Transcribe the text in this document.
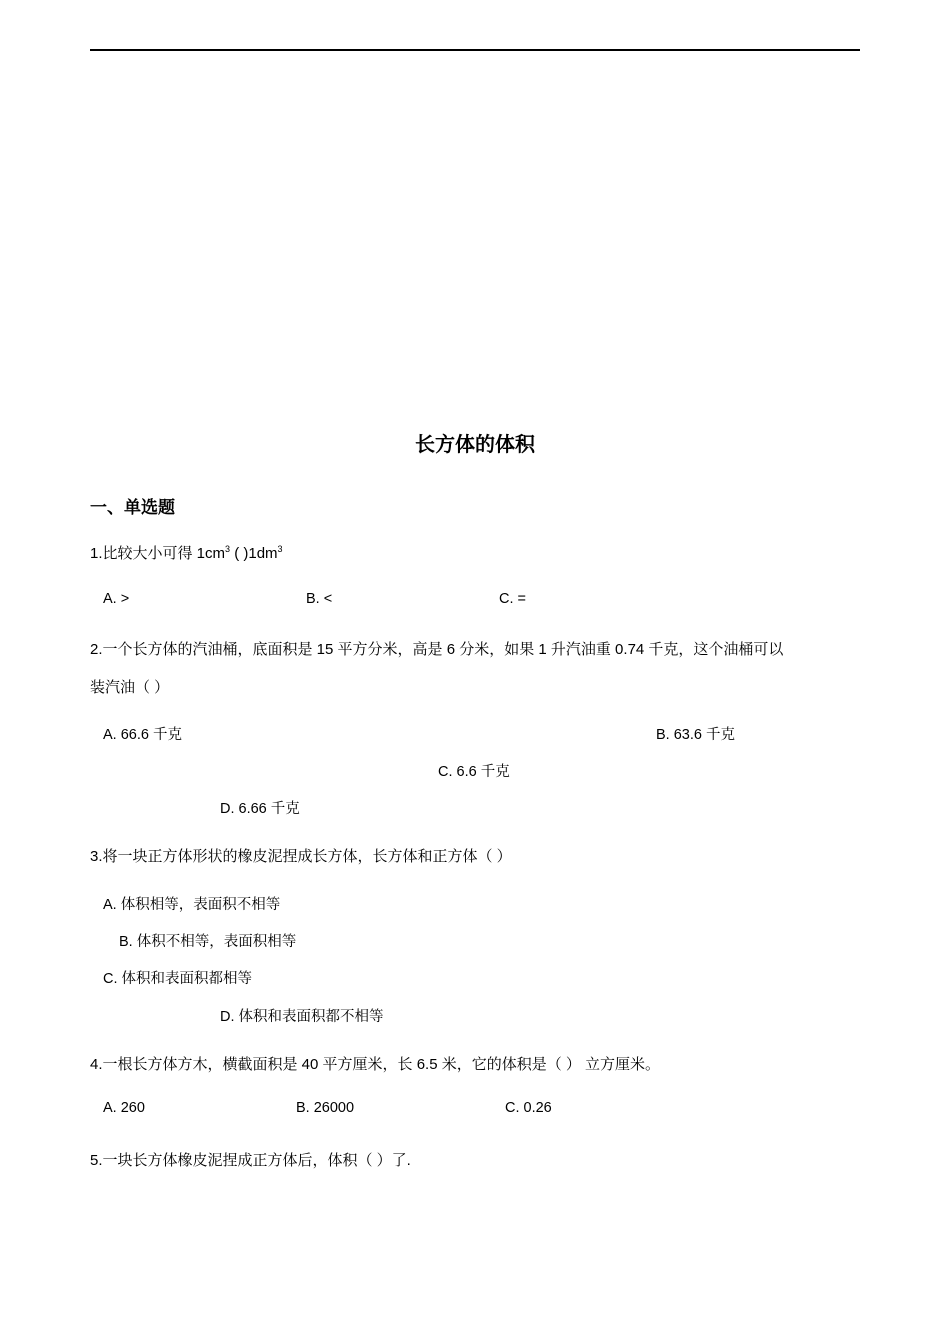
长方体的体积
一、单选题
1.比较大小可得 $1cm^3$ ( )$1dm^3$
A. >	B. <	C. =
2.一个长方体的汽油桶，底面积是 15 平方分米，高是 6 分米，如果 1 升汽油重 0.74 千克，这个油桶可以
装汽油（ ）
A. 66.6 千克	B. 63.6 千克
C. 6.6 千克
D. 6.66 千克
3.将一块正方体形状的橡皮泥捏成长方体，长方体和正方体（ ）
A. 体积相等，表面积不相等
B. 体积不相等，表面积相等
C. 体积和表面积都相等
D. 体积和表面积都不相等
4.一根长方体方木，横截面积是 40 平方厘米，长 6.5 米，它的体积是（ ） 立方厘米。
A. 260	B. 26000	C. 0.26
5.一块长方体橡皮泥捏成正方体后，体积（ ）了.
